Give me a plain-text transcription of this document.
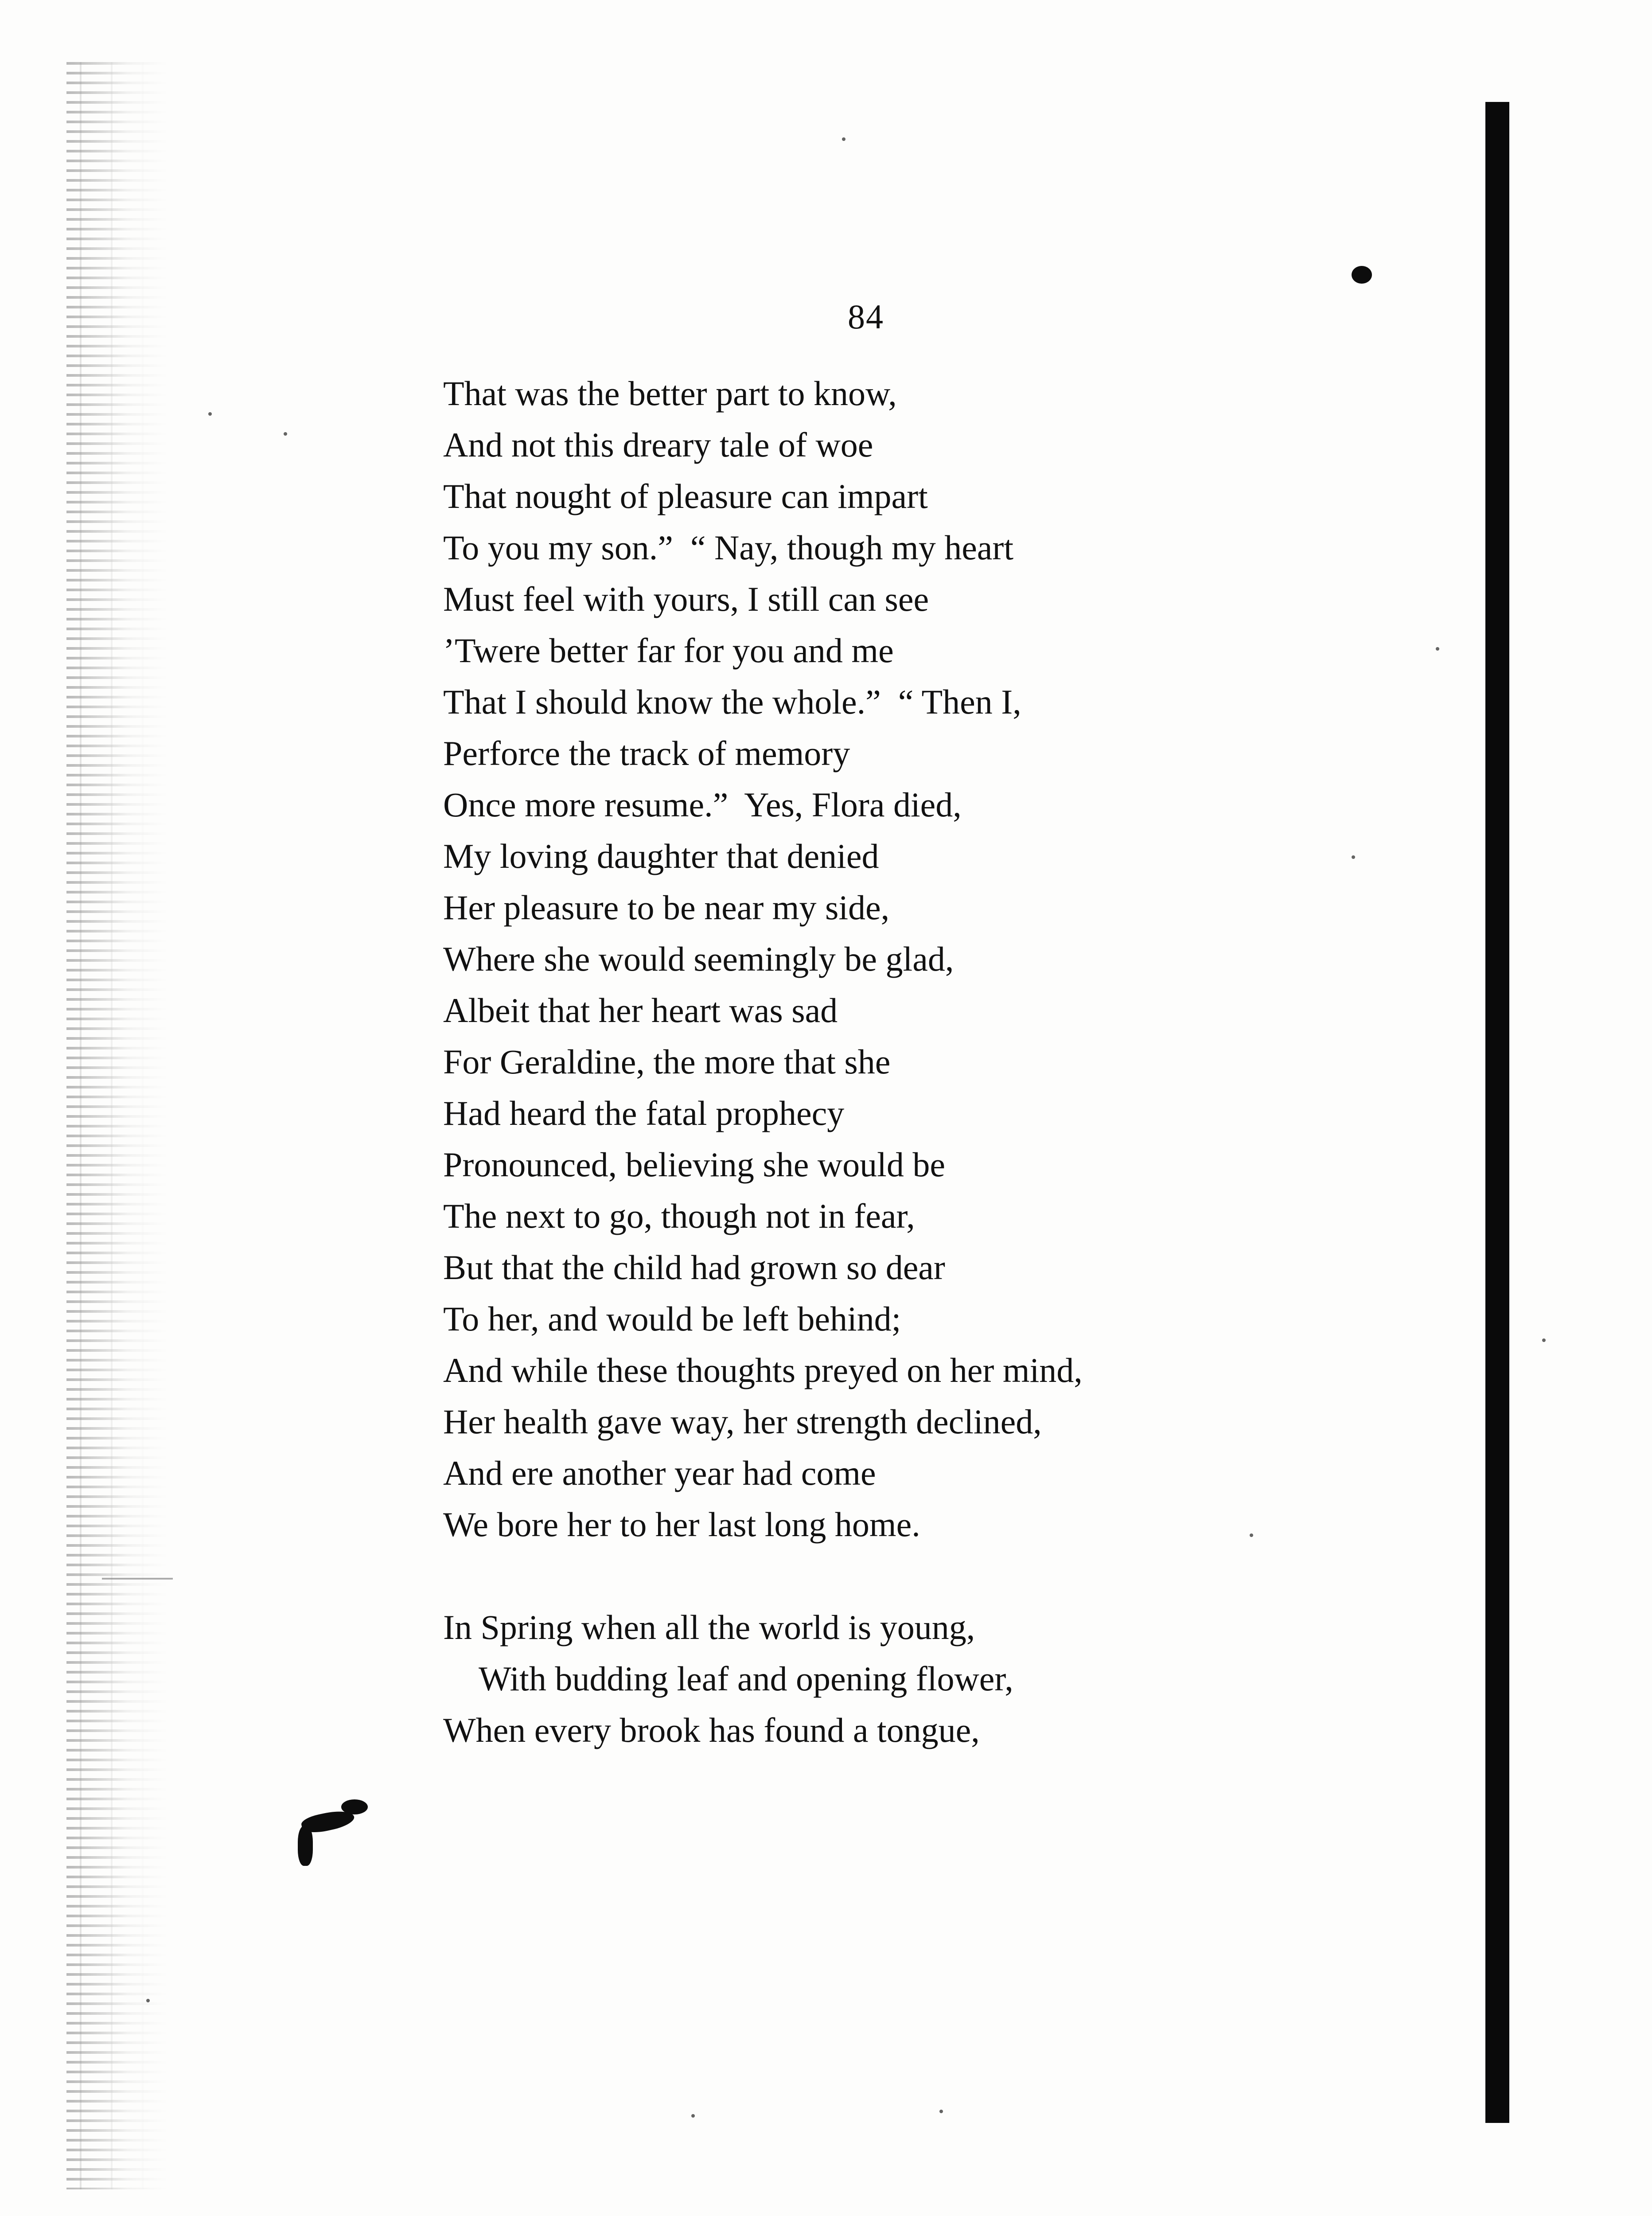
84
That was the better part to know,
And not this dreary tale of woe
That nought of pleasure can impart
To you my son.”  “ Nay, though my heart
Must feel with yours, I still can see
’Twere better far for you and me
That I should know the whole.”  “ Then I,
Perforce the track of memory
Once more resume.”  Yes, Flora died,
My loving daughter that denied
Her pleasure to be near my side,
Where she would seemingly be glad,
Albeit that her heart was sad
For Geraldine, the more that she
Had heard the fatal prophecy
Pronounced, believing she would be
The next to go, though not in fear,
But that the child had grown so dear
To her, and would be left behind;
And while these thoughts preyed on her mind,
Her health gave way, her strength declined,
And ere another year had come
We bore her to her last long home.
In Spring when all the world is young,
With budding leaf and opening flower,
When every brook has found a tongue,
